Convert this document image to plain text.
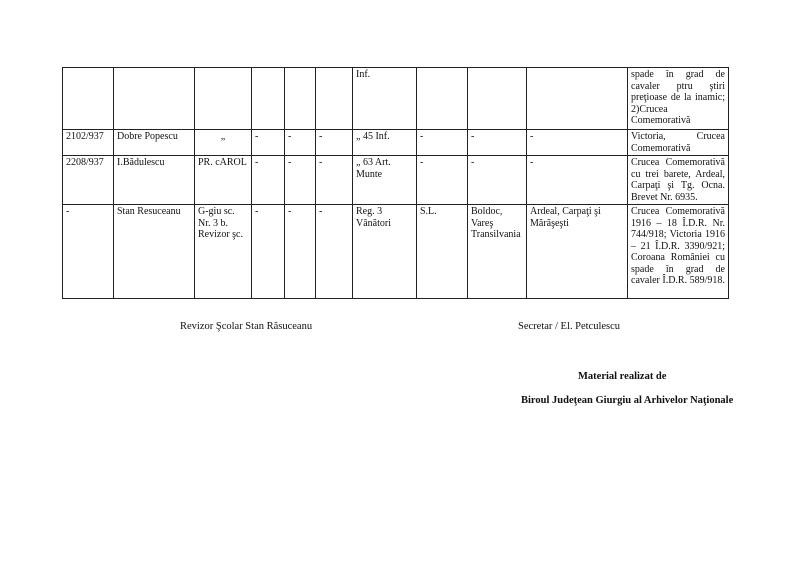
						Inf.				spade în grad de cavaler ptru ştiri preţioase de la inamic; 2)Crucea Comemorativă
2102/937	Dobre Popescu	„	-	-	-	„ 45 Inf.	-	-	-	Victoria, Crucea Comemorativă
2208/937	I.Bădulescu	PR. cAROL	-	-	-	„ 63 Art. Munte	-	-	-	Crucea Comemorativă cu trei barete, Ardeal, Carpaţi şi Tg. Ocna. Brevet Nr. 6935.
-	Stan Resuceanu	G-giu sc. Nr. 3 b. Revizor şc.	-	-	-	Reg. 3 Vânători	S.L.	Boldoc, Vareş Transilvania	Ardeal, Carpaţi şi Mărăşeşti	Crucea Comemorativă 1916 – 18 Î.D.R. Nr. 744/918; Victoria 1916 – 21 Î.D.R. 3390/921; Coroana României cu spade în grad de cavaler Î.D.R. 589/918.
Revizor Şcolar Stan Răsuceanu	Secretar / El. Petculescu
Material realizat de
Biroul Judeţean Giurgiu al Arhivelor Naţionale
